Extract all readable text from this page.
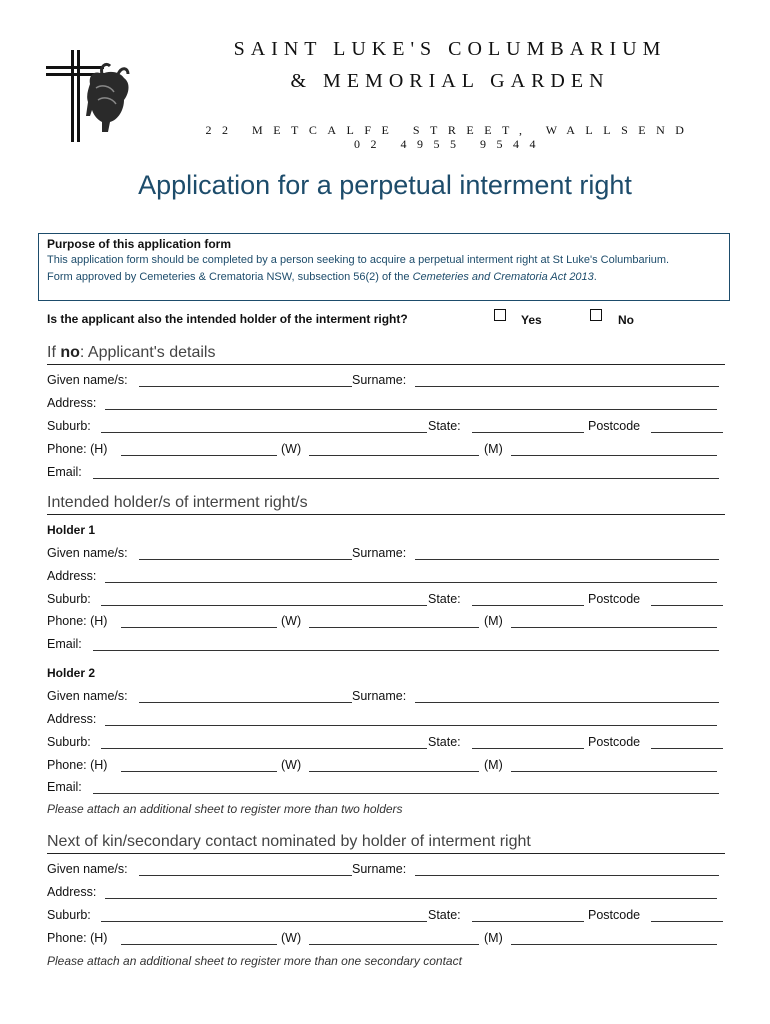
SAINT LUKE'S COLUMBARIUM
& MEMORIAL GARDEN
22 METCALFE STREET, WALLSEND
02 4955 9544
Application for a perpetual interment right
Purpose of this application form
This application form should be completed by a person seeking to acquire a perpetual interment right at St Luke's Columbarium.
Form approved by Cemeteries & Crematoria NSW, subsection 56(2) of the Cemeteries and Crematoria Act 2013.
Is the applicant also the intended holder of the interment right?	Yes	No
If no: Applicant's details
Given name/s:	Surname:
Address:
Suburb:	State:	Postcode
Phone: (H)	(W)	(M)
Email:
Intended holder/s of interment right/s
Holder 1
Given name/s:	Surname:
Address:
Suburb:	State:	Postcode
Phone: (H)	(W)	(M)
Email:
Holder 2
Given name/s:	Surname:
Address:
Suburb:	State:	Postcode
Phone: (H)	(W)	(M)
Email:
Please attach an additional sheet to register more than two holders
Next of kin/secondary contact nominated by holder of interment right
Given name/s:	Surname:
Address:
Suburb:	State:	Postcode
Phone: (H)	(W)	(M)
Please attach an additional sheet to register more than one secondary contact
